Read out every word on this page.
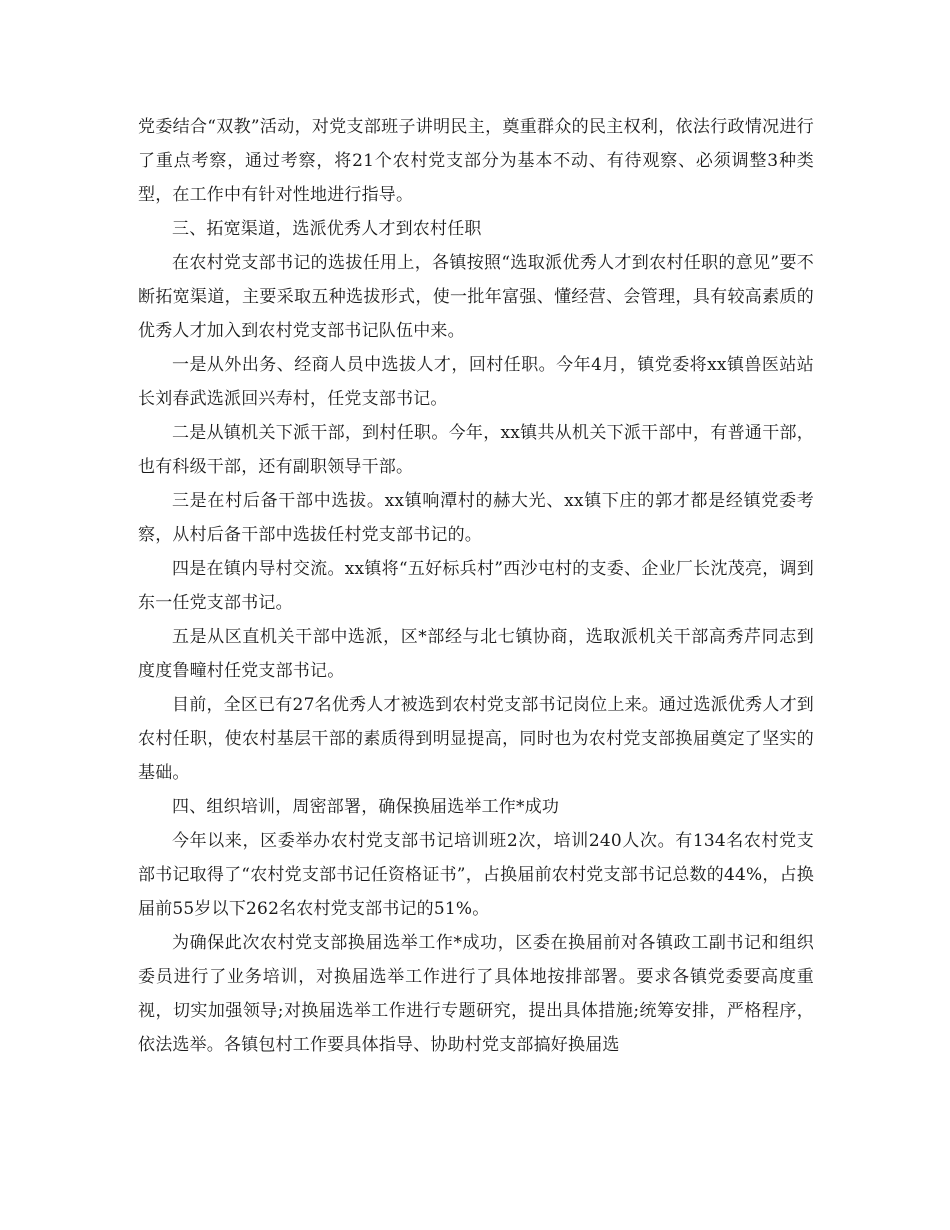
党委结合“双教”活动，对党支部班子讲明民主，奠重群众的民主权利，依法行政情况进行了重点考察，通过考察，将21个农村党支部分为基本不动、有待观察、必须调整3种类型，在工作中有针对性地进行指导。

三、拓宽渠道，选派优秀人才到农村任职

在农村党支部书记的选拔任用上，各镇按照“选取派优秀人才到农村任职的意见”要不断拓宽渠道，主要采取五种选拔形式，使一批年富强、懂经营、会管理，具有较高素质的优秀人才加入到农村党支部书记队伍中来。

一是从外出务、经商人员中选拔人才，回村任职。今年4月，镇党委将xx镇兽医站站长刘春武选派回兴寿村，任党支部书记。

二是从镇机关下派干部，到村任职。今年，xx镇共从机关下派干部中，有普通干部，也有科级干部，还有副职领导干部。

三是在村后备干部中选拔。xx镇响潭村的赫大光、xx镇下庄的郭才都是经镇党委考察，从村后备干部中选拔任村党支部书记的。

四是在镇内导村交流。xx镇将“五好标兵村”西沙屯村的支委、企业厂长沈茂亮，调到东一任党支部书记。

五是从区直机关干部中选派，区*部经与北七镇协商，选取派机关干部高秀芹同志到度度鲁疃村任党支部书记。

目前，全区已有27名优秀人才被选到农村党支部书记岗位上来。通过选派优秀人才到农村任职，使农村基层干部的素质得到明显提高，同时也为农村党支部换届奠定了坚实的基础。

四、组织培训，周密部署，确保换届选举工作*成功

今年以来，区委举办农村党支部书记培训班2次，培训240人次。有134名农村党支部书记取得了“农村党支部书记任资格证书”，占换届前农村党支部书记总数的44%，占换届前55岁以下262名农村党支部书记的51%。

为确保此次农村党支部换届选举工作*成功，区委在换届前对各镇政工副书记和组织委员进行了业务培训，对换届选举工作进行了具体地按排部署。要求各镇党委要高度重视，切实加强领导;对换届选举工作进行专题研究，提出具体措施;统筹安排，严格程序，依法选举。各镇包村工作要具体指导、协助村党支部搞好换届选
